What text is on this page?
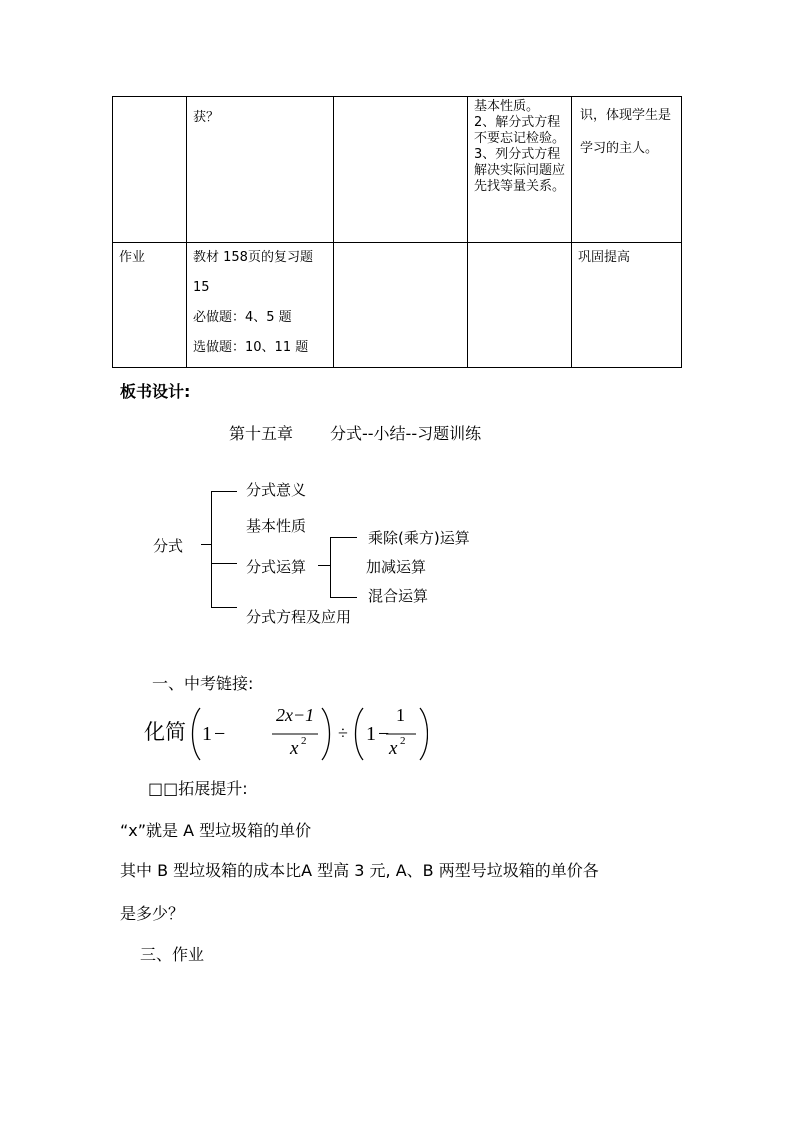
	获？		基本性质。
2、解分式方程不要忘记检验。
3、列分式方程解决实际问题应先找等量关系。	识，体现学生是学习的主人。

作业	教材 158页的复习题
15
必做题：4、5 题
选做题：10、11 题			巩固提高
板书设计:
第十五章 分式--小结--习题训练
分式
分式意义
基本性质
分式运算
分式方程及应用
乘除(乘方)运算
加减运算
混合运算
一、中考链接:
化简 1 −
2x−1
x 2 ÷ 1 −
1
x 2
□□拓展提升:
“x”就是 A 型垃圾箱的单价
其中 B 型垃圾箱的成本比A 型高 3 元, A、B 两型号垃圾箱的单价各
是多少？
三、作业
